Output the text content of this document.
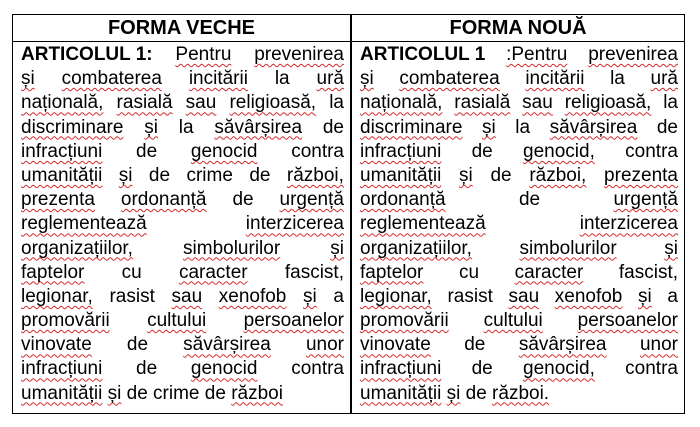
FORMA VECHE	FORMA NOUĂ
ARTICOLUL 1: Pentru prevenirea
și combaterea incitării la ură
națională, rasială sau religioasă, la
discriminare și la săvârșirea de
infracțiuni de genocid contra
umanității și de crime de război,
prezenta ordonanță de urgență
reglementează	interzicerea
organizațiilor,	simbolurilor	și
faptelor cu caracter fascist,
legionar, rasist sau xenofob și a
promovării cultului persoanelor
vinovate de săvârșirea unor
infracțiuni de genocid contra
umanității
și
de
crime
de
război
ARTICOLUL 1 :Pentru prevenirea
și combaterea incitării la ură
națională, rasială sau religioasă, la
discriminare și la săvârșirea de
infracțiuni de genocid, contra
umanității și de război, prezenta
ordonanță	de	urgență
reglementează	interzicerea
organizațiilor,	simbolurilor	și
faptelor cu caracter fascist,
legionar, rasist sau xenofob și a
promovării cultului persoanelor
vinovate de săvârșirea unor
infracțiuni de genocid, contra
umanității
și
de
război.
